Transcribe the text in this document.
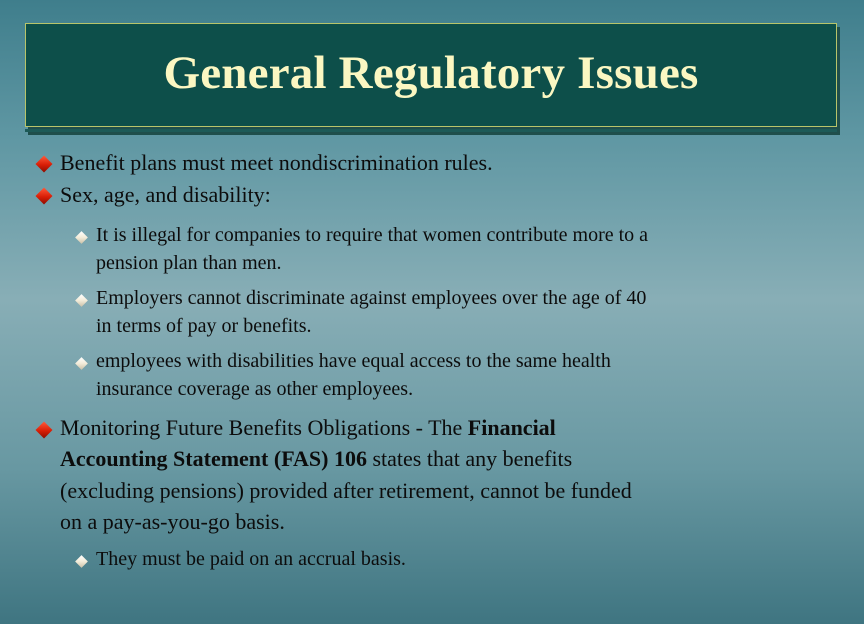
General Regulatory Issues
Benefit plans must meet nondiscrimination rules.
Sex, age, and disability:
It is illegal for companies to require that women contribute more to a
pension plan than men.
Employers cannot discriminate against employees over the age of 40
in terms of pay or benefits.
employees with disabilities have equal access to the same health
insurance coverage as other employees.
Monitoring Future Benefits Obligations - The Financial
Accounting Statement (FAS) 106 states that any benefits
(excluding pensions) provided after retirement, cannot be funded
on a pay-as-you-go basis.
They must be paid on an accrual basis.
